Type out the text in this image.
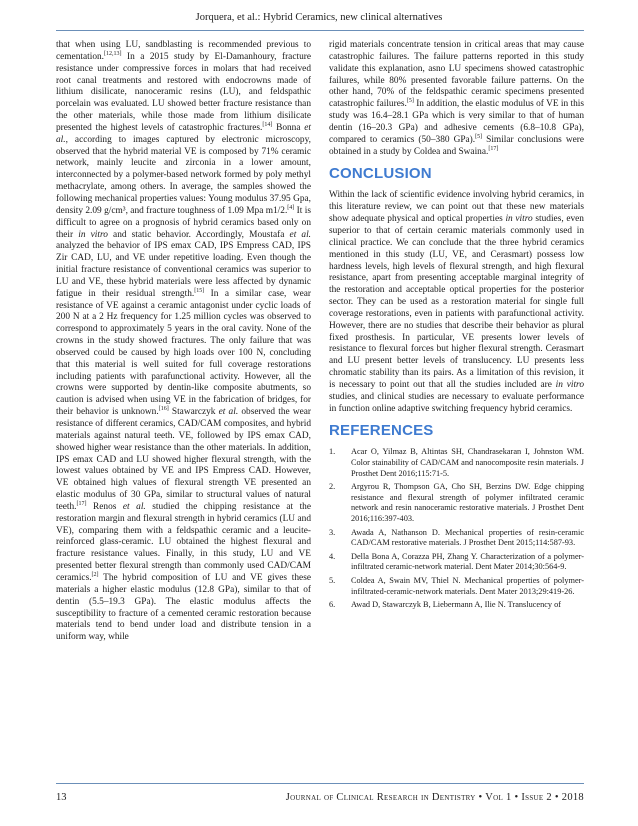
Jorquera, et al.: Hybrid Ceramics, new clinical alternatives

that when using LU, sandblasting is recommended previous to cementation.[12,13] In a 2015 study by El-Damanhoury, fracture resistance under compressive forces in molars that had received root canal treatments and restored with endocrowns made of lithium disilicate, nanoceramic resins (LU), and feldspathic porcelain was evaluated. LU showed better fracture resistance than the other materials, while those made from lithium disilicate presented the highest levels of catastrophic fractures.[14] Bonna et al., according to images captured by electronic microscopy, observed that the hybrid material VE is composed by 71% ceramic network, mainly leucite and zirconia in a lower amount, interconnected by a polymer-based network formed by poly methyl methacrylate, among others. In average, the samples showed the following mechanical properties values: Young modulus 37.95 Gpa, density 2.09 g/cm³, and fracture toughness of 1.09 Mpa m1/2.[4] It is difficult to agree on a prognosis of hybrid ceramics based only on their in vitro and static behavior. Accordingly, Moustafa et al. analyzed the behavior of IPS emax CAD, IPS Empress CAD, IPS Zir CAD, LU, and VE under repetitive loading. Even though the initial fracture resistance of conventional ceramics was superior to LU and VE, these hybrid materials were less affected by dynamic fatigue in their residual strength.[15] In a similar case, wear resistance of VE against a ceramic antagonist under cyclic loads of 200 N at a 2 Hz frequency for 1.25 million cycles was observed to correspond to approximately 5 years in the oral cavity. None of the crowns in the study showed fractures. The only failure that was observed could be caused by high loads over 100 N, concluding that this material is well suited for full coverage restorations including patients with parafunctional activity. However, all the crowns were supported by dentin-like composite abutments, so caution is advised when using VE in the fabrication of bridges, for their behavior is unknown.[16] Stawarczyk et al. observed the wear resistance of different ceramics, CAD/CAM composites, and hybrid materials against natural teeth. VE, followed by IPS emax CAD, showed higher wear resistance than the other materials. In addition, IPS emax CAD and LU showed higher flexural strength, with the lowest values obtained by VE and IPS Empress CAD. However, VE obtained high values of flexural strength VE presented an elastic modulus of 30 GPa, similar to structural values of natural teeth.[17] Renos et al. studied the chipping resistance at the restoration margin and flexural strength in hybrid ceramics (LU and VE), comparing them with a feldspathic ceramic and a leucite-reinforced glass-ceramic. LU obtained the highest flexural and fracture resistance values. Finally, in this study, LU and VE presented better flexural strength than commonly used CAD/CAM ceramics.[2] The hybrid composition of LU and VE gives these materials a higher elastic modulus (12.8 GPa), similar to that of dentin (5.5–19.3 GPa). The elastic modulus affects the susceptibility to fracture of a cemented ceramic restoration because materials tend to bend under load and distribute tension in a uniform way, while

rigid materials concentrate tension in critical areas that may cause catastrophic failures. The failure patterns reported in this study validate this explanation, asno LU specimens showed catastrophic failures, while 80% presented favorable failure patterns. On the other hand, 70% of the feldspathic ceramic specimens presented catastrophic failures.[5] In addition, the elastic modulus of VE in this study was 16.4–28.1 GPa which is very similar to that of human dentin (16–20.3 GPa) and adhesive cements (6.8–10.8 GPa), compared to ceramics (50–380 GPa).[5] Similar conclusions were obtained in a study by Coldea and Swaina.[17]

CONCLUSION

Within the lack of scientific evidence involving hybrid ceramics, in this literature review, we can point out that these new materials show adequate physical and optical properties in vitro studies, even superior to that of certain ceramic materials commonly used in clinical practice. We can conclude that the three hybrid ceramics mentioned in this study (LU, VE, and Cerasmart) possess low hardness levels, high levels of flexural strength, and high flexural resistance, apart from presenting acceptable marginal integrity of the restoration and acceptable optical properties for the posterior sector. They can be used as a restoration material for single full coverage restorations, even in patients with parafunctional activity. However, there are no studies that describe their behavior as plural fixed prosthesis. In particular, VE presents lower levels of resistance to flexural forces but higher flexural strength. Cerasmart and LU present better levels of translucency. LU presents less chromatic stability than its pairs. As a limitation of this revision, it is necessary to point out that all the studies included are in vitro studies, and clinical studies are necessary to evaluate performance in function online adaptive switching frequency hybrid ceramics.

REFERENCES
1.	Acar O, Yilmaz B, Altintas SH, Chandrasekaran I, Johnston WM. Color stainability of CAD/CAM and nanocomposite resin materials. J Prosthet Dent 2016;115:71-5.
2.	Argyrou R, Thompson GA, Cho SH, Berzins DW. Edge chipping resistance and flexural strength of polymer infiltrated ceramic network and resin nanoceramic restorative materials. J Prosthet Dent 2016;116:397-403.
3.	Awada A, Nathanson D. Mechanical properties of resin-ceramic CAD/CAM restorative materials. J Prosthet Dent 2015;114:587-93.
4.	Della Bona A, Corazza PH, Zhang Y. Characterization of a polymer-infiltrated ceramic-network material. Dent Mater 2014;30:564-9.
5.	Coldea A, Swain MV, Thiel N. Mechanical properties of polymer-infiltrated-ceramic-network materials. Dent Mater 2013;29:419-26.
6.	Awad D, Stawarczyk B, Liebermann A, Ilie N. Translucency of
13	Journal of Clinical Research in Dentistry • Vol 1 • Issue 2 • 2018
